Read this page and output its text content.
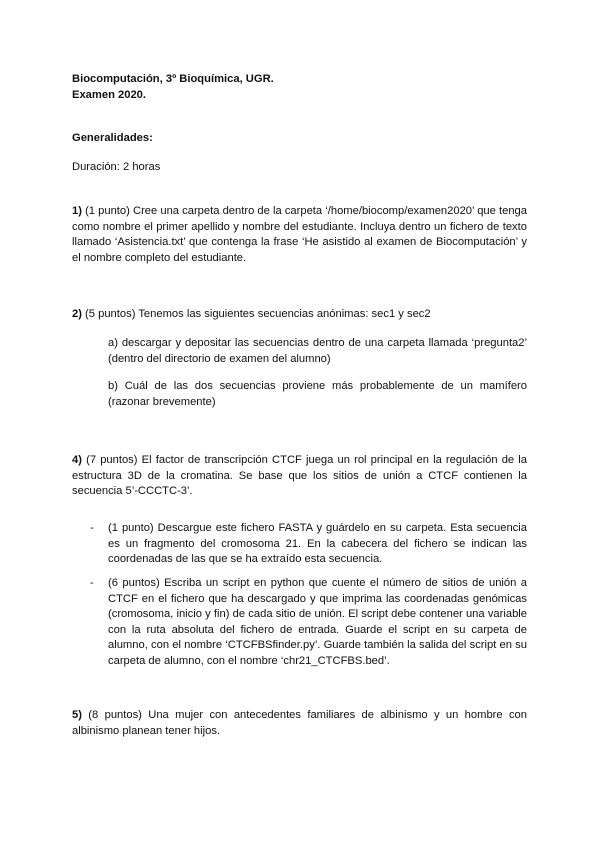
Biocomputación, 3º Bioquímica, UGR.
Examen 2020.
Generalidades:
Duración: 2 horas
1) (1 punto) Cree una carpeta dentro de la carpeta ‘/home/biocomp/examen2020’ que tenga como nombre el primer apellido y nombre del estudiante. Incluya dentro un fichero de texto llamado ‘Asistencia.txt’ que contenga la frase ‘He asistido al examen de Biocomputación’ y el nombre completo del estudiante.
2) (5 puntos) Tenemos las siguientes secuencias anónimas: sec1 y sec2
a) descargar y depositar las secuencias dentro de una carpeta llamada ‘pregunta2’ (dentro del directorio de examen del alumno)
b) Cuál de las dos secuencias proviene más probablemente de un mamífero (razonar brevemente)
4) (7 puntos) El factor de transcripción CTCF juega un rol principal en la regulación de la estructura 3D de la cromatina. Se base que los sitios de unión a CTCF contienen la secuencia 5’-CCCTC-3’.
- (1 punto) Descargue este fichero FASTA y guárdelo en su carpeta. Esta secuencia es un fragmento del cromosoma 21. En la cabecera del fichero se indican las coordenadas de las que se ha extraído esta secuencia.
- (6 puntos) Escriba un script en python que cuente el número de sitios de unión a CTCF en el fichero que ha descargado y que imprima las coordenadas genómicas (cromosoma, inicio y fin) de cada sitio de unión. El script debe contener una variable con la ruta absoluta del fichero de entrada. Guarde el script en su carpeta de alumno, con el nombre ‘CTCFBSfinder.py’. Guarde también la salida del script en su carpeta de alumno, con el nombre ‘chr21_CTCFBS.bed’.
5) (8 puntos) Una mujer con antecedentes familiares de albinismo y un hombre con albinismo planean tener hijos.
